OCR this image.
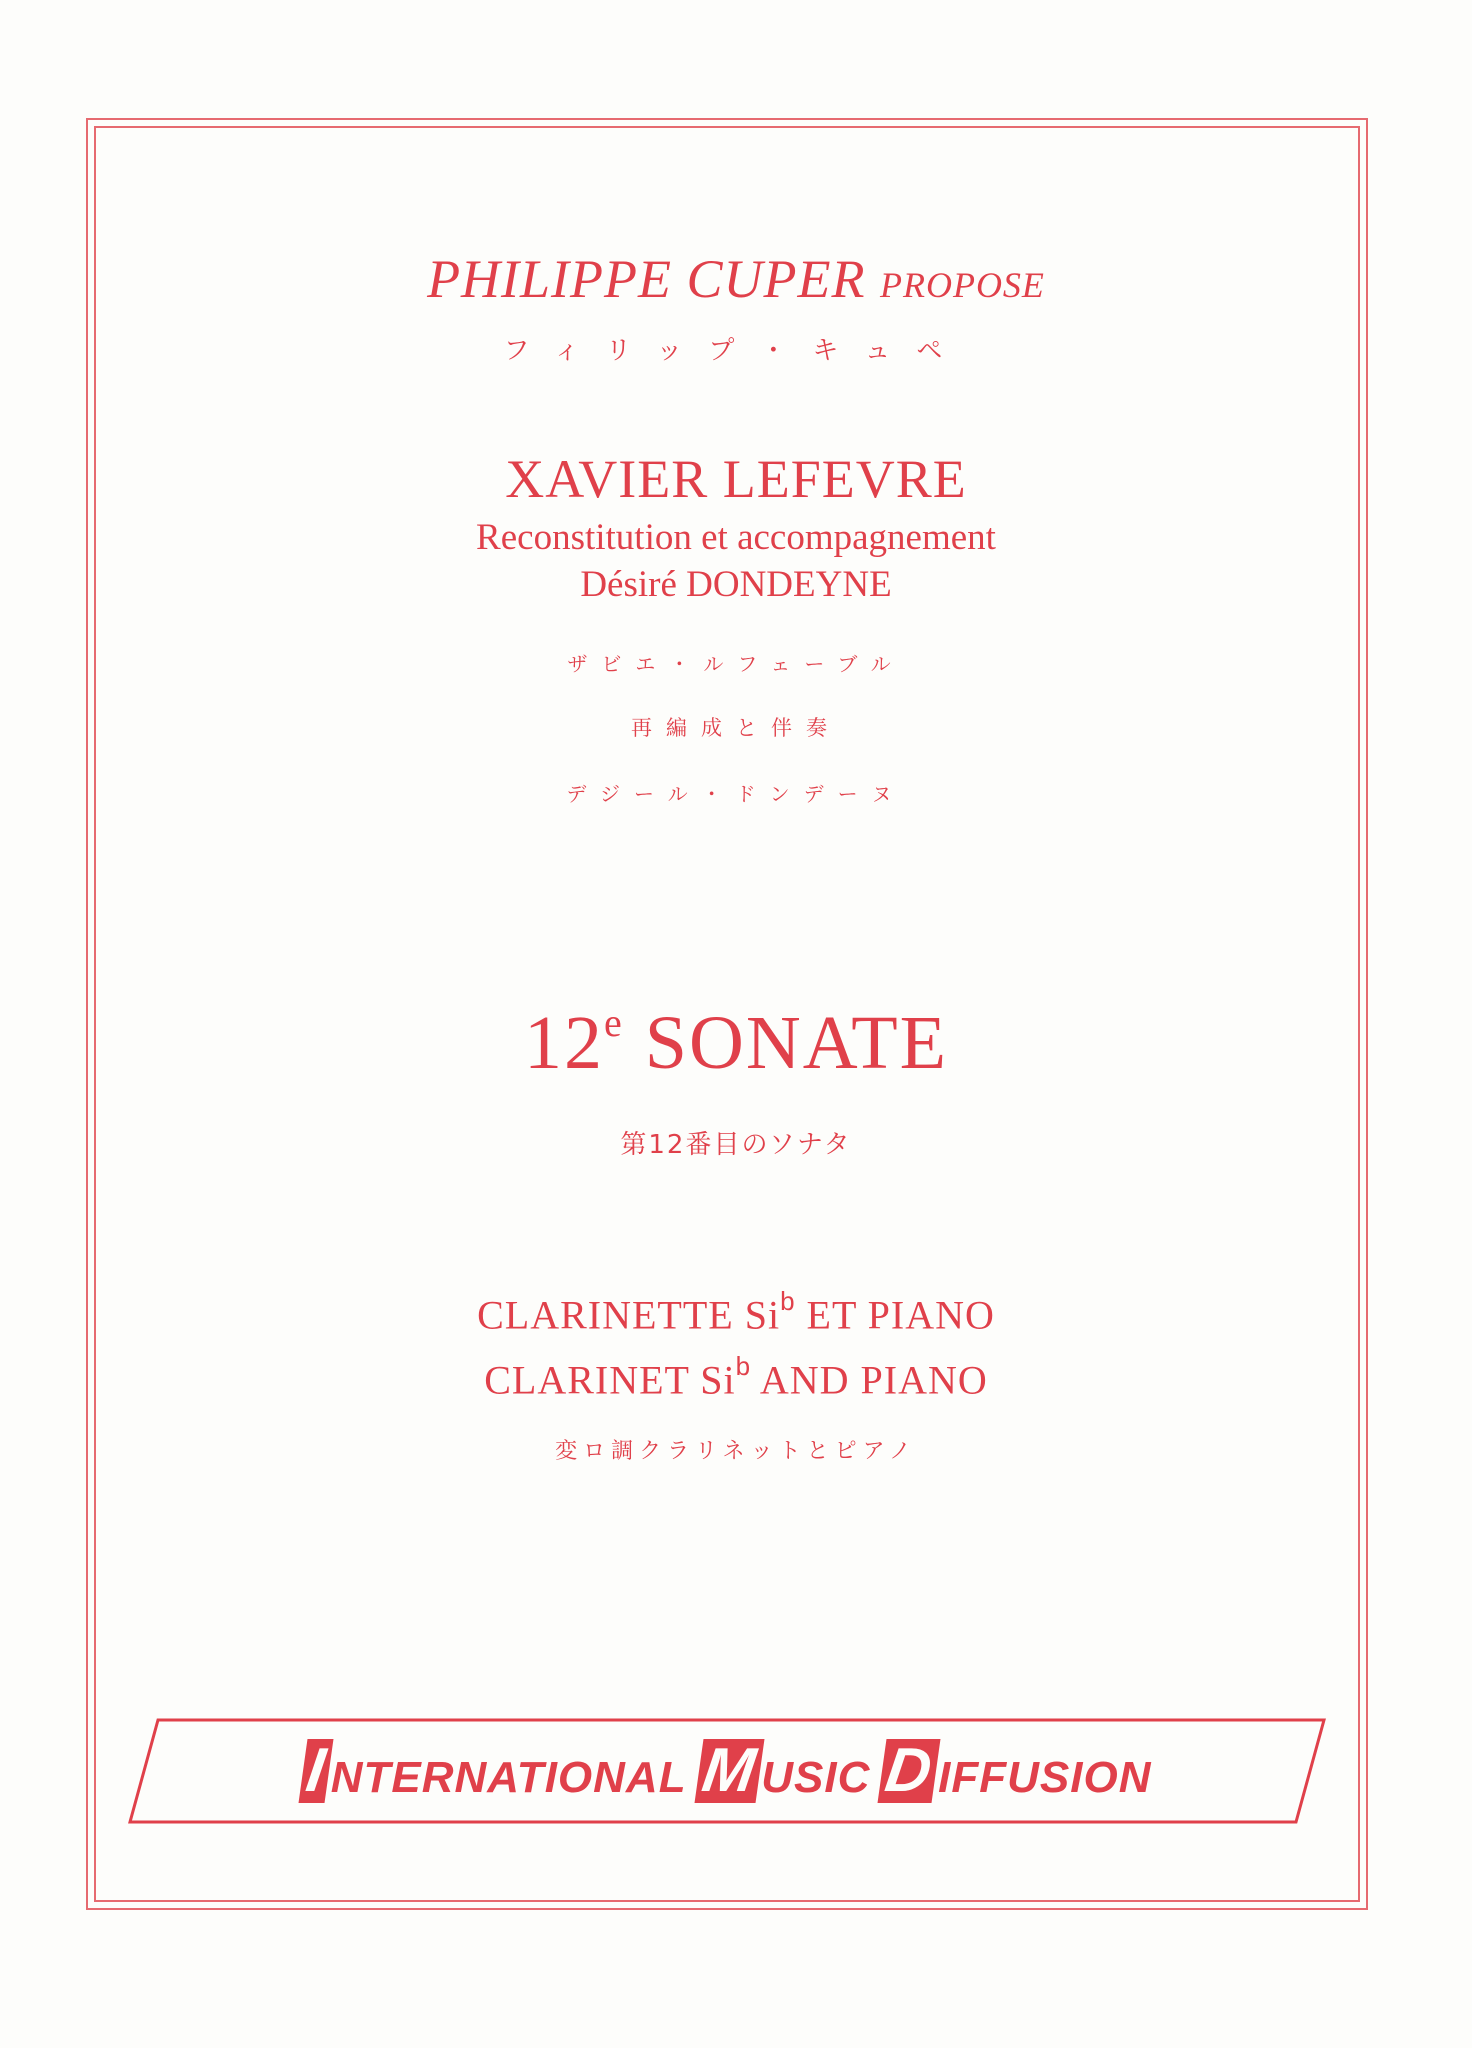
PHILIPPE CUPER PROPOSE
フィリップ・キュペ
XAVIER LEFEVRE
Reconstitution et accompagnement
Désiré DONDEYNE
ザビエ・ルフェーブル
再編成と伴奏
デジール・ドンデーヌ
12e SONATE
第12番目のソナタ
CLARINETTE Si$^b$ ET PIANO
CLARINET Si$^b$ AND PIANO
変ロ調クラリネットとピアノ
I NTERNATIONAL M USIC D IFFUSION
